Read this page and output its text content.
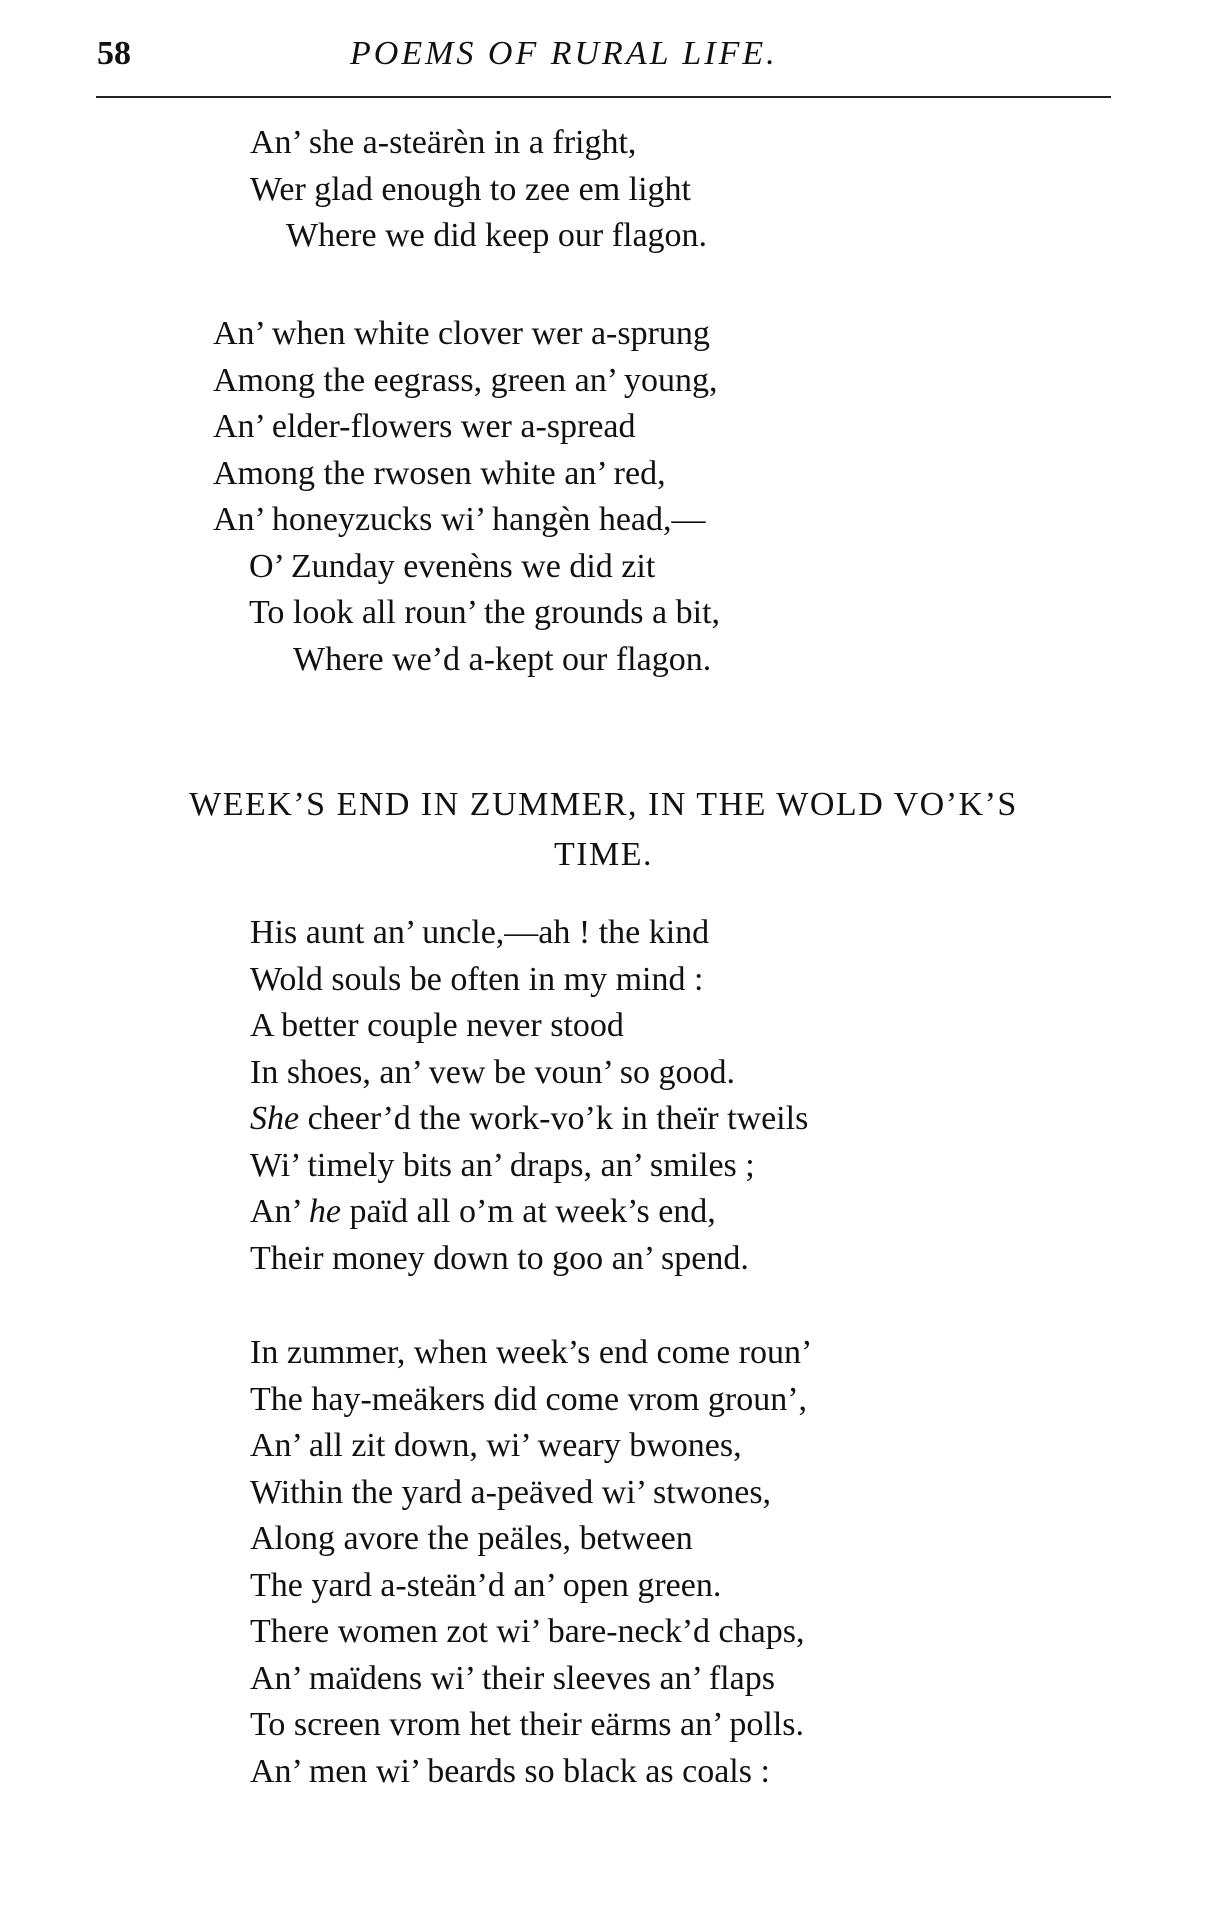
58	POEMS OF RURAL LIFE.
An’ she a-steärèn in a fright,
Wer glad enough to zee em light
Where we did keep our flagon.
An’ when white clover wer a-sprung
Among the eegrass, green an’ young,
An’ elder-flowers wer a-spread
Among the rwosen white an’ red,
An’ honeyzucks wi’ hangèn head,—
O’ Zunday evenèns we did zit
To look all roun’ the grounds a bit,
Where we’d a-kept our flagon.
WEEK’S END IN ZUMMER, IN THE WOLD VO’K’S
TIME.
His aunt an’ uncle,—ah ! the kind
Wold souls be often in my mind :
A better couple never stood
In shoes, an’ vew be voun’ so good.
She cheer’d the work-vo’k in theïr tweils
Wi’ timely bits an’ draps, an’ smiles ;
An’ he païd all o’m at week’s end,
Their money down to goo an’ spend.
In zummer, when week’s end come roun’
The hay-meäkers did come vrom groun’,
An’ all zit down, wi’ weary bwones,
Within the yard a-peäved wi’ stwones,
Along avore the peäles, between
The yard a-steän’d an’ open green.
There women zot wi’ bare-neck’d chaps,
An’ maïdens wi’ their sleeves an’ flaps
To screen vrom het their eärms an’ polls.
An’ men wi’ beards so black as coals :
